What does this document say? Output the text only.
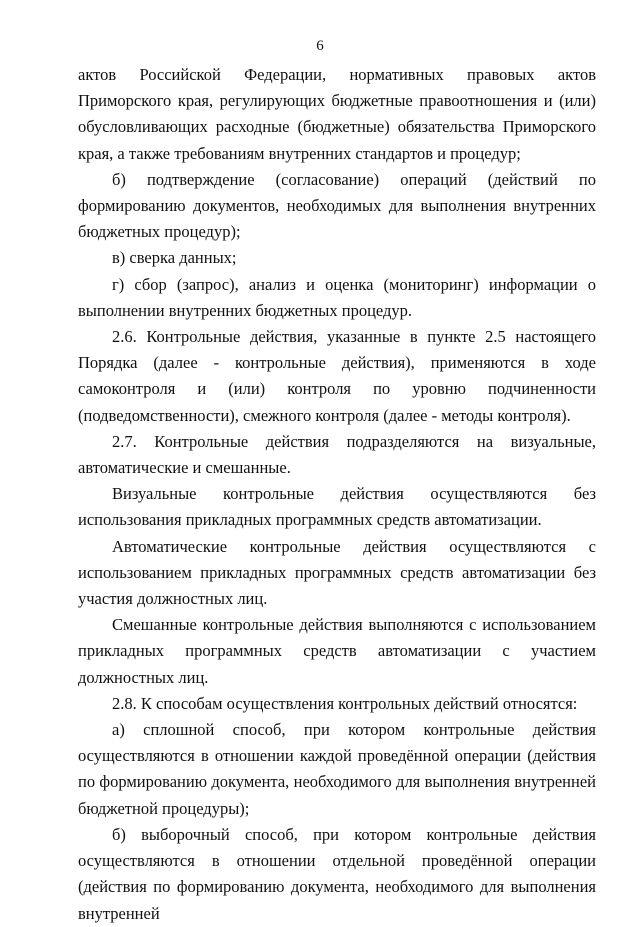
6

актов Российской Федерации, нормативных правовых актов Приморского края, регулирующих бюджетные правоотношения и (или) обусловливающих расходные (бюджетные) обязательства Приморского края, а также требованиям внутренних стандартов и процедур;

б) подтверждение (согласование) операций (действий по формированию документов, необходимых для выполнения внутренних бюджетных процедур);

в) сверка данных;

г) сбор (запрос), анализ и оценка (мониторинг) информации о выполнении внутренних бюджетных процедур.

2.6. Контрольные действия, указанные в пункте 2.5 настоящего Порядка (далее - контрольные действия), применяются в ходе самоконтроля и (или) контроля по уровню подчиненности (подведомственности), смежного контроля (далее - методы контроля).

2.7. Контрольные действия подразделяются на визуальные, автоматические и смешанные.

Визуальные контрольные действия осуществляются без использования прикладных программных средств автоматизации.

Автоматические контрольные действия осуществляются с использованием прикладных программных средств автоматизации без участия должностных лиц.

Смешанные контрольные действия выполняются с использованием прикладных программных средств автоматизации с участием должностных лиц.

2.8. К способам осуществления контрольных действий относятся:

а) сплошной способ, при котором контрольные действия осуществляются в отношении каждой проведённой операции (действия по формированию документа, необходимого для выполнения внутренней бюджетной процедуры);

б) выборочный способ, при котором контрольные действия осуществляются в отношении отдельной проведённой операции (действия по формированию документа, необходимого для выполнения внутренней
